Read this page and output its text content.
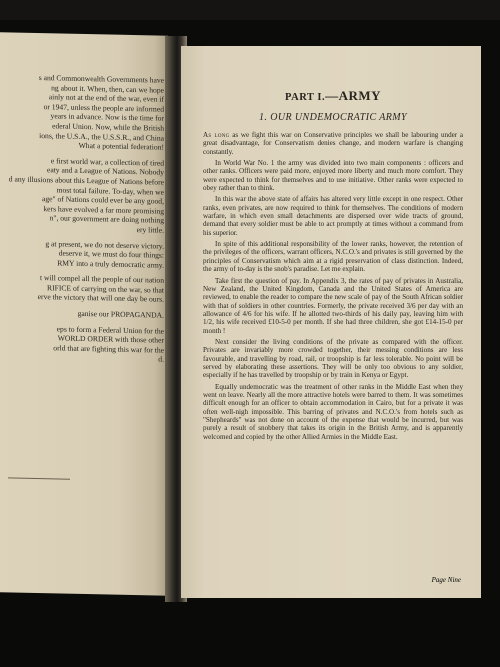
s and Commonwealth Governments have
ng about it. When, then, can we hope
ainly not at the end of the war, even if
or 1947, unless the people are informed
years in advance. Now is the time for
ederal Union. Now, while the British
ions, the U.S.A., the U.S.S.R., and China
What a potential federation!
e first world war, a collection of tired
eaty and a League of Nations. Nobody
d any illusions about this League of Nations before
most total failure. To-day, when we
age" of Nations could ever be any good,
kers have evolved a far more promising
n", our government are doing nothing
ery little.
g at present, we do not deserve victory.
deserve it, we must do four things:
RMY into a truly democratic army.
t will compel all the people of our nation
RIFICE of carrying on the war, so that
erve the victory that will one day be ours.
ganise our PROPAGANDA.
eps to form a Federal Union for the
WORLD ORDER with those other
orld that are fighting this war for the
d.
PART I.—ARMY
1. OUR UNDEMOCRATIC ARMY

As long as we fight this war on Conservative principles we shall be labouring under a great disadvantage, for Conservatism denies change, and modern warfare is changing constantly.

In World War No. 1 the army was divided into two main components : officers and other ranks. Officers were paid more, enjoyed more liberty and much more comfort. They were expected to think for themselves and to use initiative. Other ranks were expected to obey rather than to think.

In this war the above state of affairs has altered very little except in one respect. Other ranks, even privates, are now required to think for themselves. The conditions of modern warfare, in which even small detachments are dispersed over wide tracts of ground, demand that every soldier must be able to act promptly at times without a command from his superior.

In spite of this additional responsibility of the lower ranks, however, the retention of the privileges of the officers, warrant officers, N.C.O.'s and privates is still governed by the principles of Conservatism which aim at a rigid preservation of class distinction. Indeed, the army of to-day is the snob's paradise. Let me explain.

Take first the question of pay. In Appendix 3, the rates of pay of privates in Australia, New Zealand, the United Kingdom, Canada and the United States of America are reviewed, to enable the reader to compare the new scale of pay of the South African soldier with that of soldiers in other countries. Formerly, the private received 3/6 per day with an allowance of 4/6 for his wife. If he allotted two-thirds of his daily pay, leaving him with 1/2, his wife received £10-5-0 per month. If she had three children, she got £14-15-0 per month !

Next consider the living conditions of the private as compared with the officer. Privates are invariably more crowded together, their messing conditions are less favourable, and travelling by road, rail, or troopship is far less tolerable. No point will be served by elaborating these assertions. They will be only too obvious to any soldier, especially if he has travelled by troopship or by train in Kenya or Egypt.

Equally undemocratic was the treatment of other ranks in the Middle East when they went on leave. Nearly all the more attractive hotels were barred to them. It was sometimes difficult enough for an officer to obtain accommodation in Cairo, but for a private it was often well-nigh impossible. This barring of privates and N.C.O.'s from hotels such as "Shepheards" was not done on account of the expense that would be incurred, but was purely a result of snobbery that takes its origin in the British Army, and is apparently welcomed and copied by the other Allied Armies in the Middle East.

Page Nine
